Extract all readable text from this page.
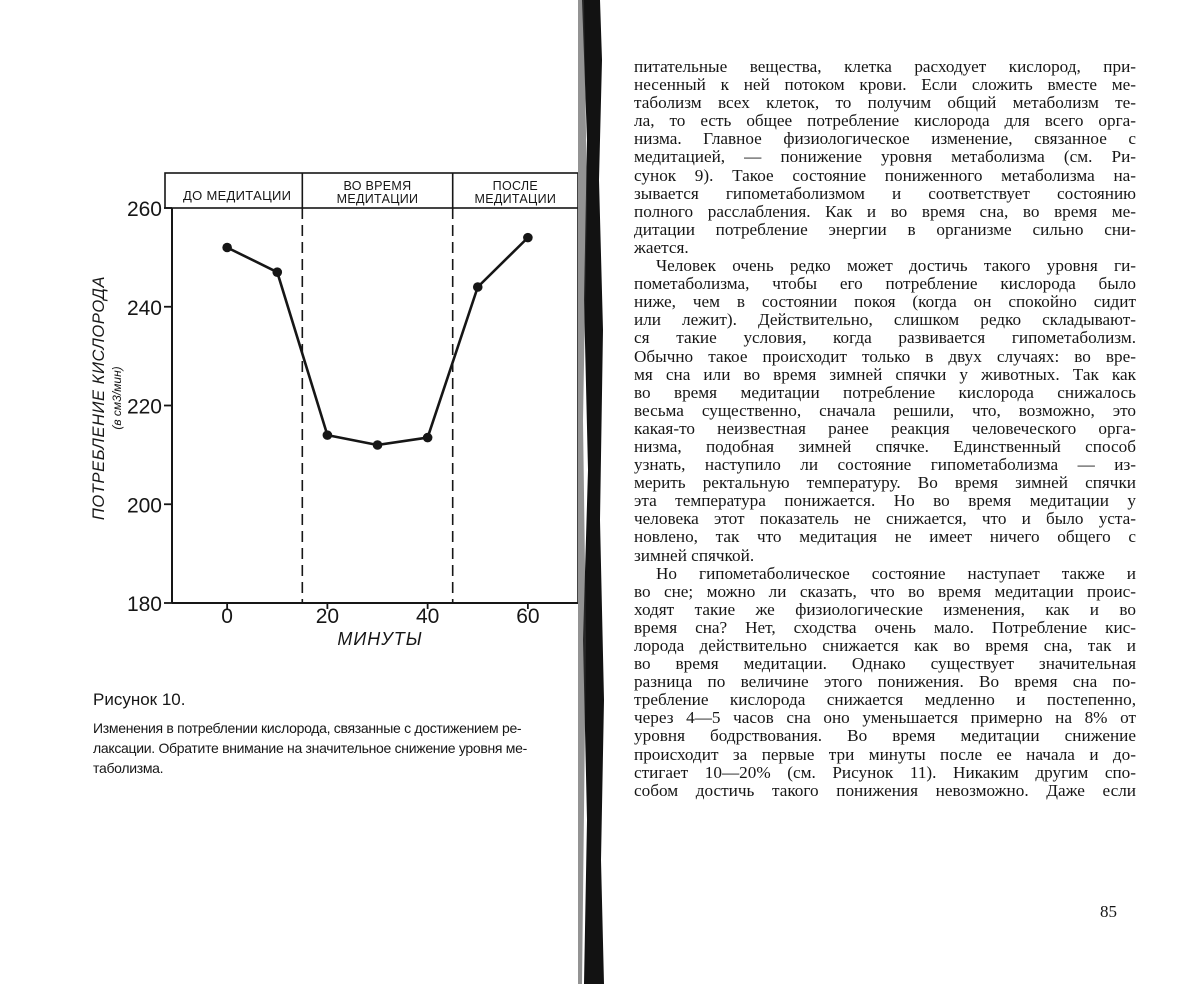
ДО МЕДИТАЦИИ
ВО ВРЕМЯ
МЕДИТАЦИИ
ПОСЛЕ
МЕДИТАЦИИ
180
200
220
240
260
0	20	40	60
МИНУТЫ
ПОТРЕБЛЕНИЕ КИСЛОРОДА (в см3/мин)
Рисунок 10.
Изменения в потреблении кислорода, связанные с достижением ре-
лаксации. Обратите внимание на значительное снижение уровня ме-
таболизма.
питательные вещества, клетка расходует кислород, при-
несенный к ней потоком крови. Если сложить вместе ме-
таболизм всех клеток, то получим общий метаболизм те-
ла, то есть общее потребление кислорода для всего орга-
низма. Главное физиологическое изменение, связанное с
медитацией, — понижение уровня метаболизма (см. Ри-
сунок 9). Такое состояние пониженного метаболизма на-
зывается гипометаболизмом и соответствует состоянию
полного расслабления. Как и во время сна, во время ме-
дитации потребление энергии в организме сильно сни-
жается.
Человек очень редко может достичь такого уровня ги-
пометаболизма, чтобы его потребление кислорода было
ниже, чем в состоянии покоя (когда он спокойно сидит
или лежит). Действительно, слишком редко складывают-
ся такие условия, когда развивается гипометаболизм.
Обычно такое происходит только в двух случаях: во вре-
мя сна или во время зимней спячки у животных. Так как
во время медитации потребление кислорода снижалось
весьма существенно, сначала решили, что, возможно, это
какая-то неизвестная ранее реакция человеческого орга-
низма, подобная зимней спячке. Единственный способ
узнать, наступило ли состояние гипометаболизма — из-
мерить ректальную температуру. Во время зимней спячки
эта температура понижается. Но во время медитации у
человека этот показатель не снижается, что и было уста-
новлено, так что медитация не имеет ничего общего с
зимней спячкой.
Но гипометаболическое состояние наступает также и
во сне; можно ли сказать, что во время медитации проис-
ходят такие же физиологические изменения, как и во
время сна? Нет, сходства очень мало. Потребление кис-
лорода действительно снижается как во время сна, так и
во время медитации. Однако существует значительная
разница по величине этого понижения. Во время сна по-
требление кислорода снижается медленно и постепенно,
через 4—5 часов сна оно уменьшается примерно на 8% от
уровня бодрствования. Во время медитации снижение
происходит за первые три минуты после ее начала и до-
стигает 10—20% (см. Рисунок 11). Никаким другим спо-
собом достичь такого понижения невозможно. Даже если
85
